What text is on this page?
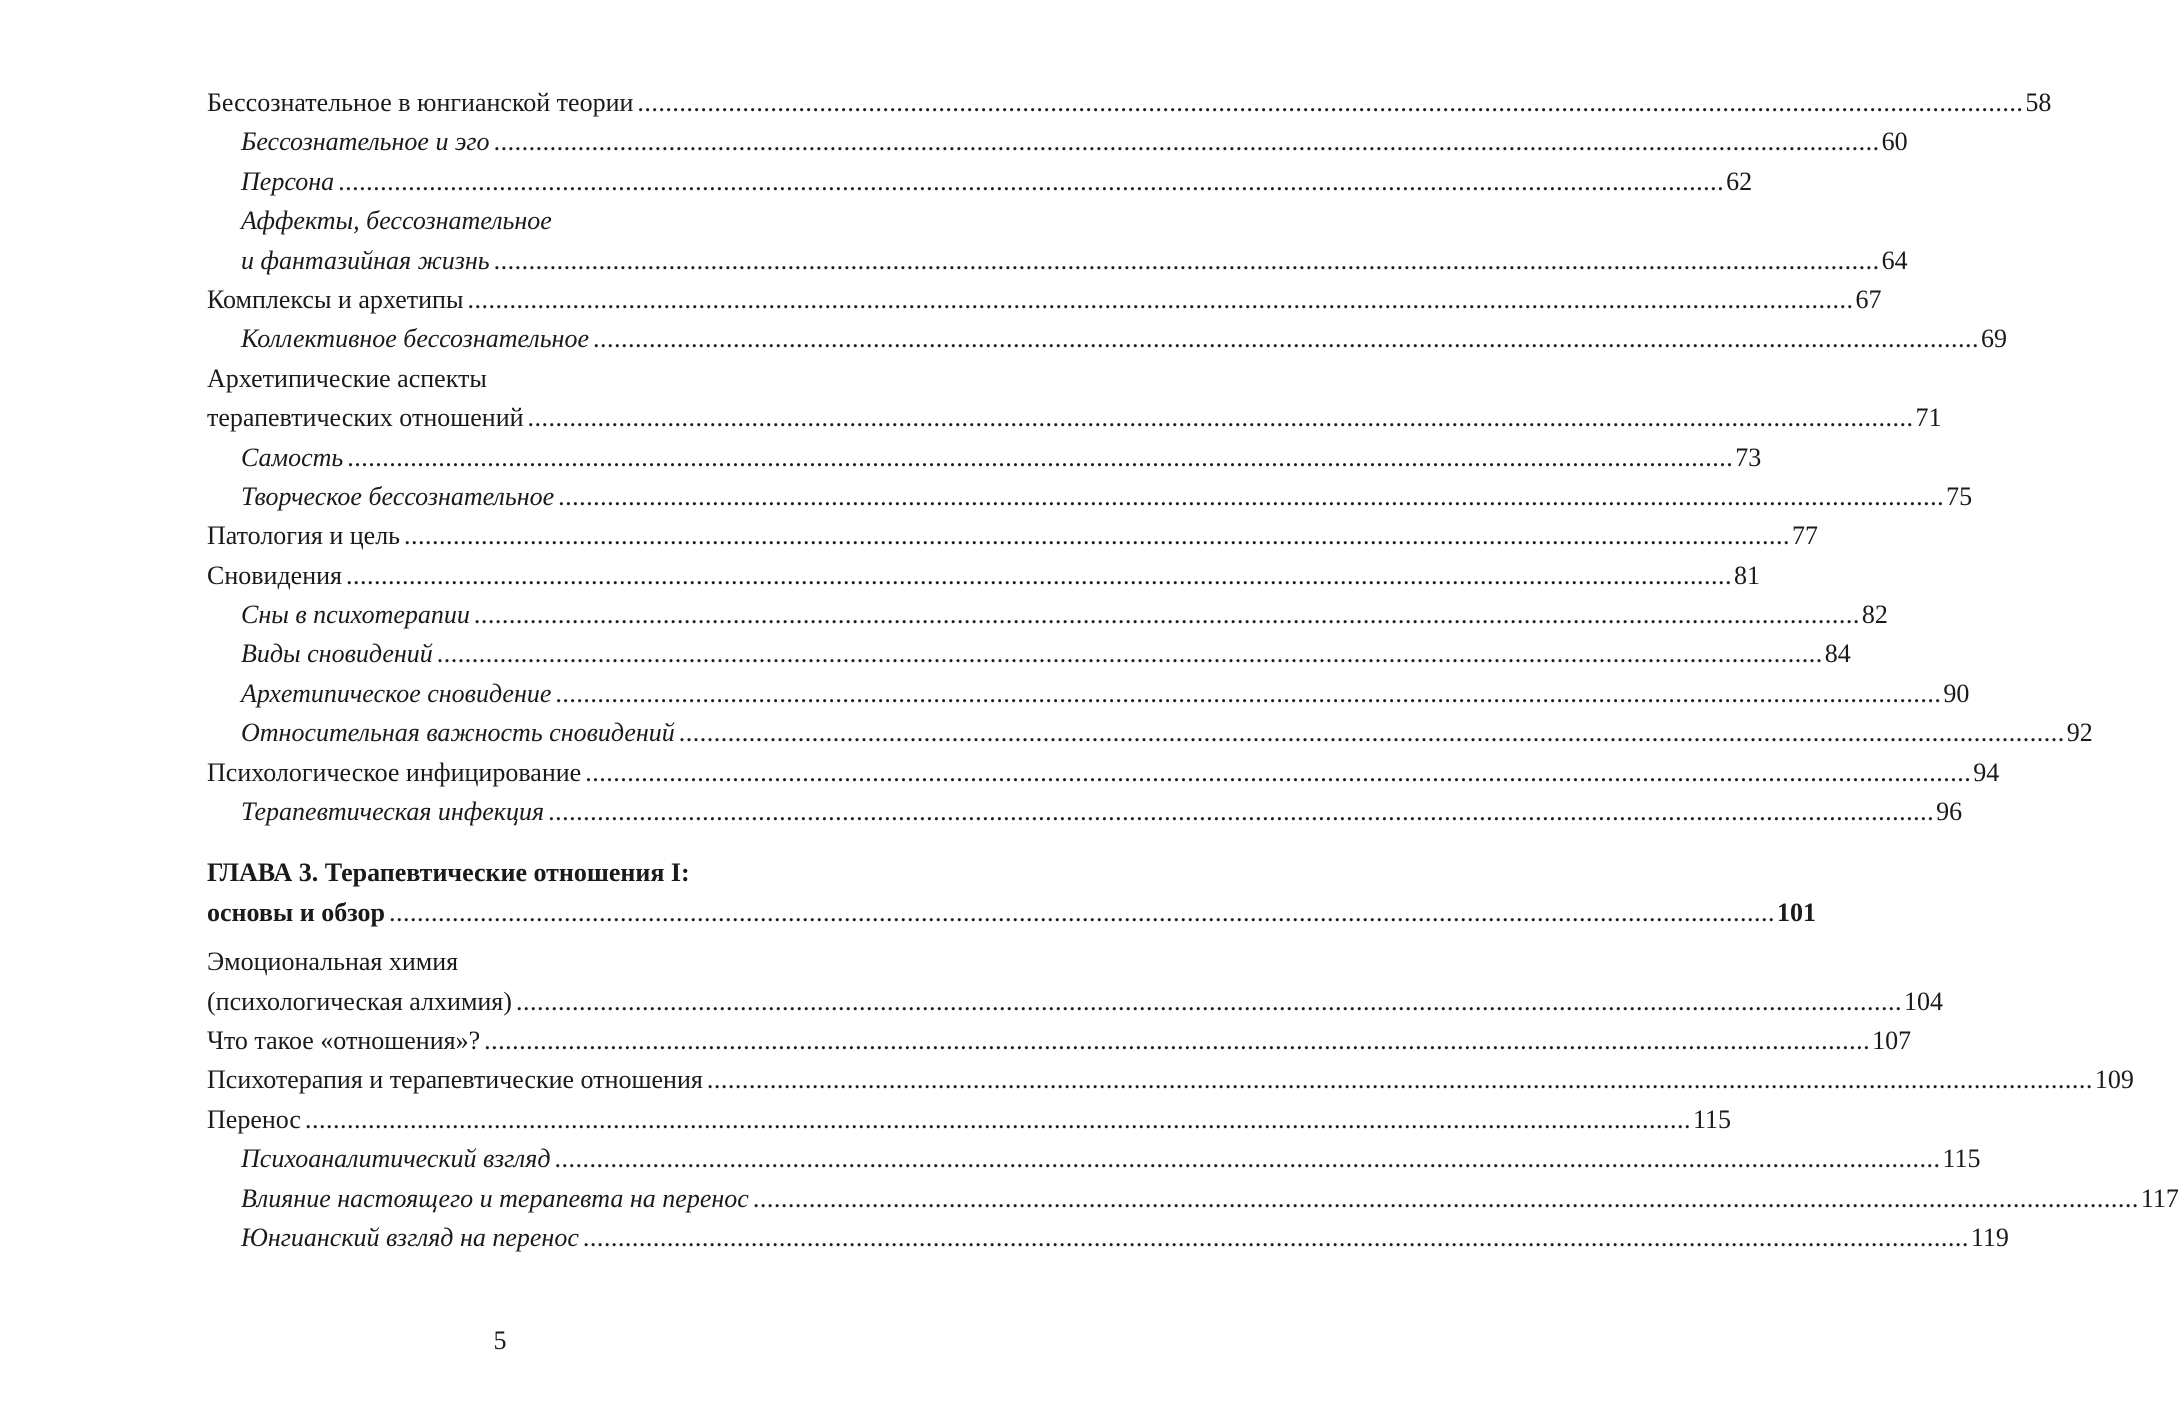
Бессознательное в юнгианской теории .....	58
Бессознательное и эго .....	60
Персона .....	62
Аффекты, бессознательное
и фантазийная жизнь .....	64
Комплексы и архетипы .....	67
Коллективное бессознательное .....	69
Архетипические аспекты
терапевтических отношений .....	71
Самость .....	73
Творческое бессознательное .....	75
Патология и цель .....	77
Сновидения .....	81
Сны в психотерапии .....	82
Виды сновидений .....	84
Архетипическое сновидение .....	90
Относительная важность сновидений .....	92
Психологическое инфицирование .....	94
Терапевтическая инфекция .....	96
ГЛАВА 3. Терапевтические отношения I:
основы и обзор .....	101
Эмоциональная химия
(психологическая алхимия) .....	104
Что такое «отношения»? .....	107
Психотерапия и терапевтические отношения .....	109
Перенос .....	115
Психоаналитический взгляд .....	115
Влияние настоящего и терапевта на перенос .....	117
Юнгианский взгляд на перенос .....	119
5
